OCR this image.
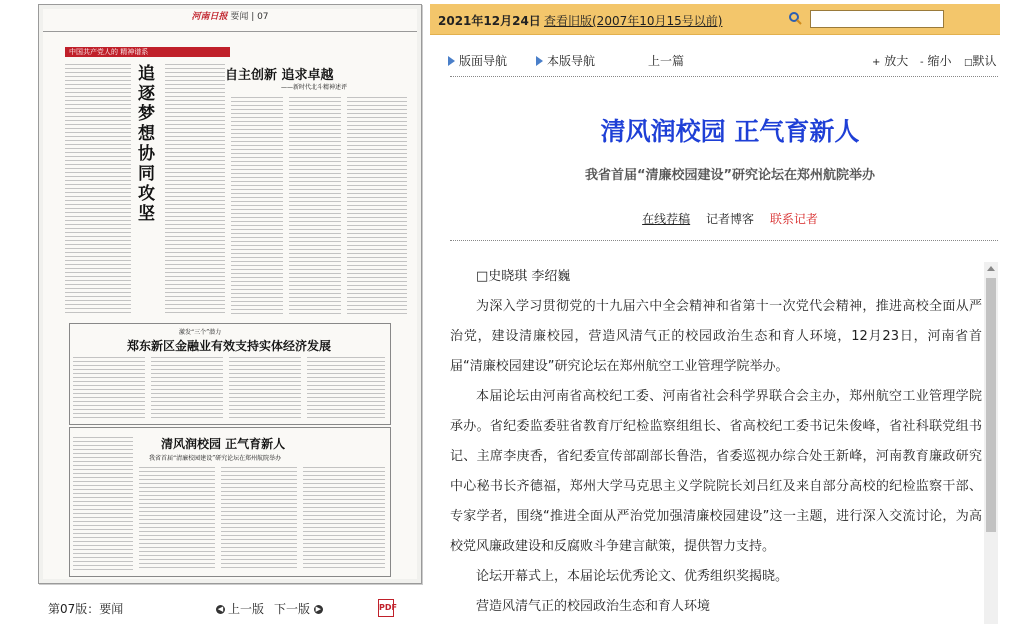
河南日报 要闻 | 07
中国共产党人的 精神谱系
追逐梦想 协同攻坚
自主创新 追求卓越
——新时代北斗精神述评
激发“三个”潜力
郑东新区金融业有效支持实体经济发展
清风润校园 正气育新人
我省首届“清廉校园建设”研究论坛在郑州航院举办
第07版：要闻	◀ 上一版 下一版 ▶	PDF
2021年12月24日 查看旧版(2007年10月15号以前)
版面导航	本版导航	上一篇	+ 放大 - 缩小 □默认
清风润校园 正气育新人
我省首届“清廉校园建设”研究论坛在郑州航院举办
在线荐稿 记者博客 联系记者

□史晓琪 李绍巍

为深入学习贯彻党的十九届六中全会精神和省第十一次党代会精神，推进高校全面从严治党，建设清廉校园，营造风清气正的校园政治生态和育人环境，12月23日，河南省首届“清廉校园建设”研究论坛在郑州航空工业管理学院举办。

本届论坛由河南省高校纪工委、河南省社会科学界联合会主办，郑州航空工业管理学院承办。省纪委监委驻省教育厅纪检监察组组长、省高校纪工委书记朱俊峰，省社科联党组书记、主席李庚香，省纪委宣传部副部长鲁浩，省委巡视办综合处王新峰，河南教育廉政研究中心秘书长齐德福，郑州大学马克思主义学院院长刘吕红及来自部分高校的纪检监察干部、专家学者，围绕“推进全面从严治党加强清廉校园建设”这一主题，进行深入交流讨论，为高校党风廉政建设和反腐败斗争建言献策，提供智力支持。

论坛开幕式上，本届论坛优秀论文、优秀组织奖揭晓。

营造风清气正的校园政治生态和育人环境
